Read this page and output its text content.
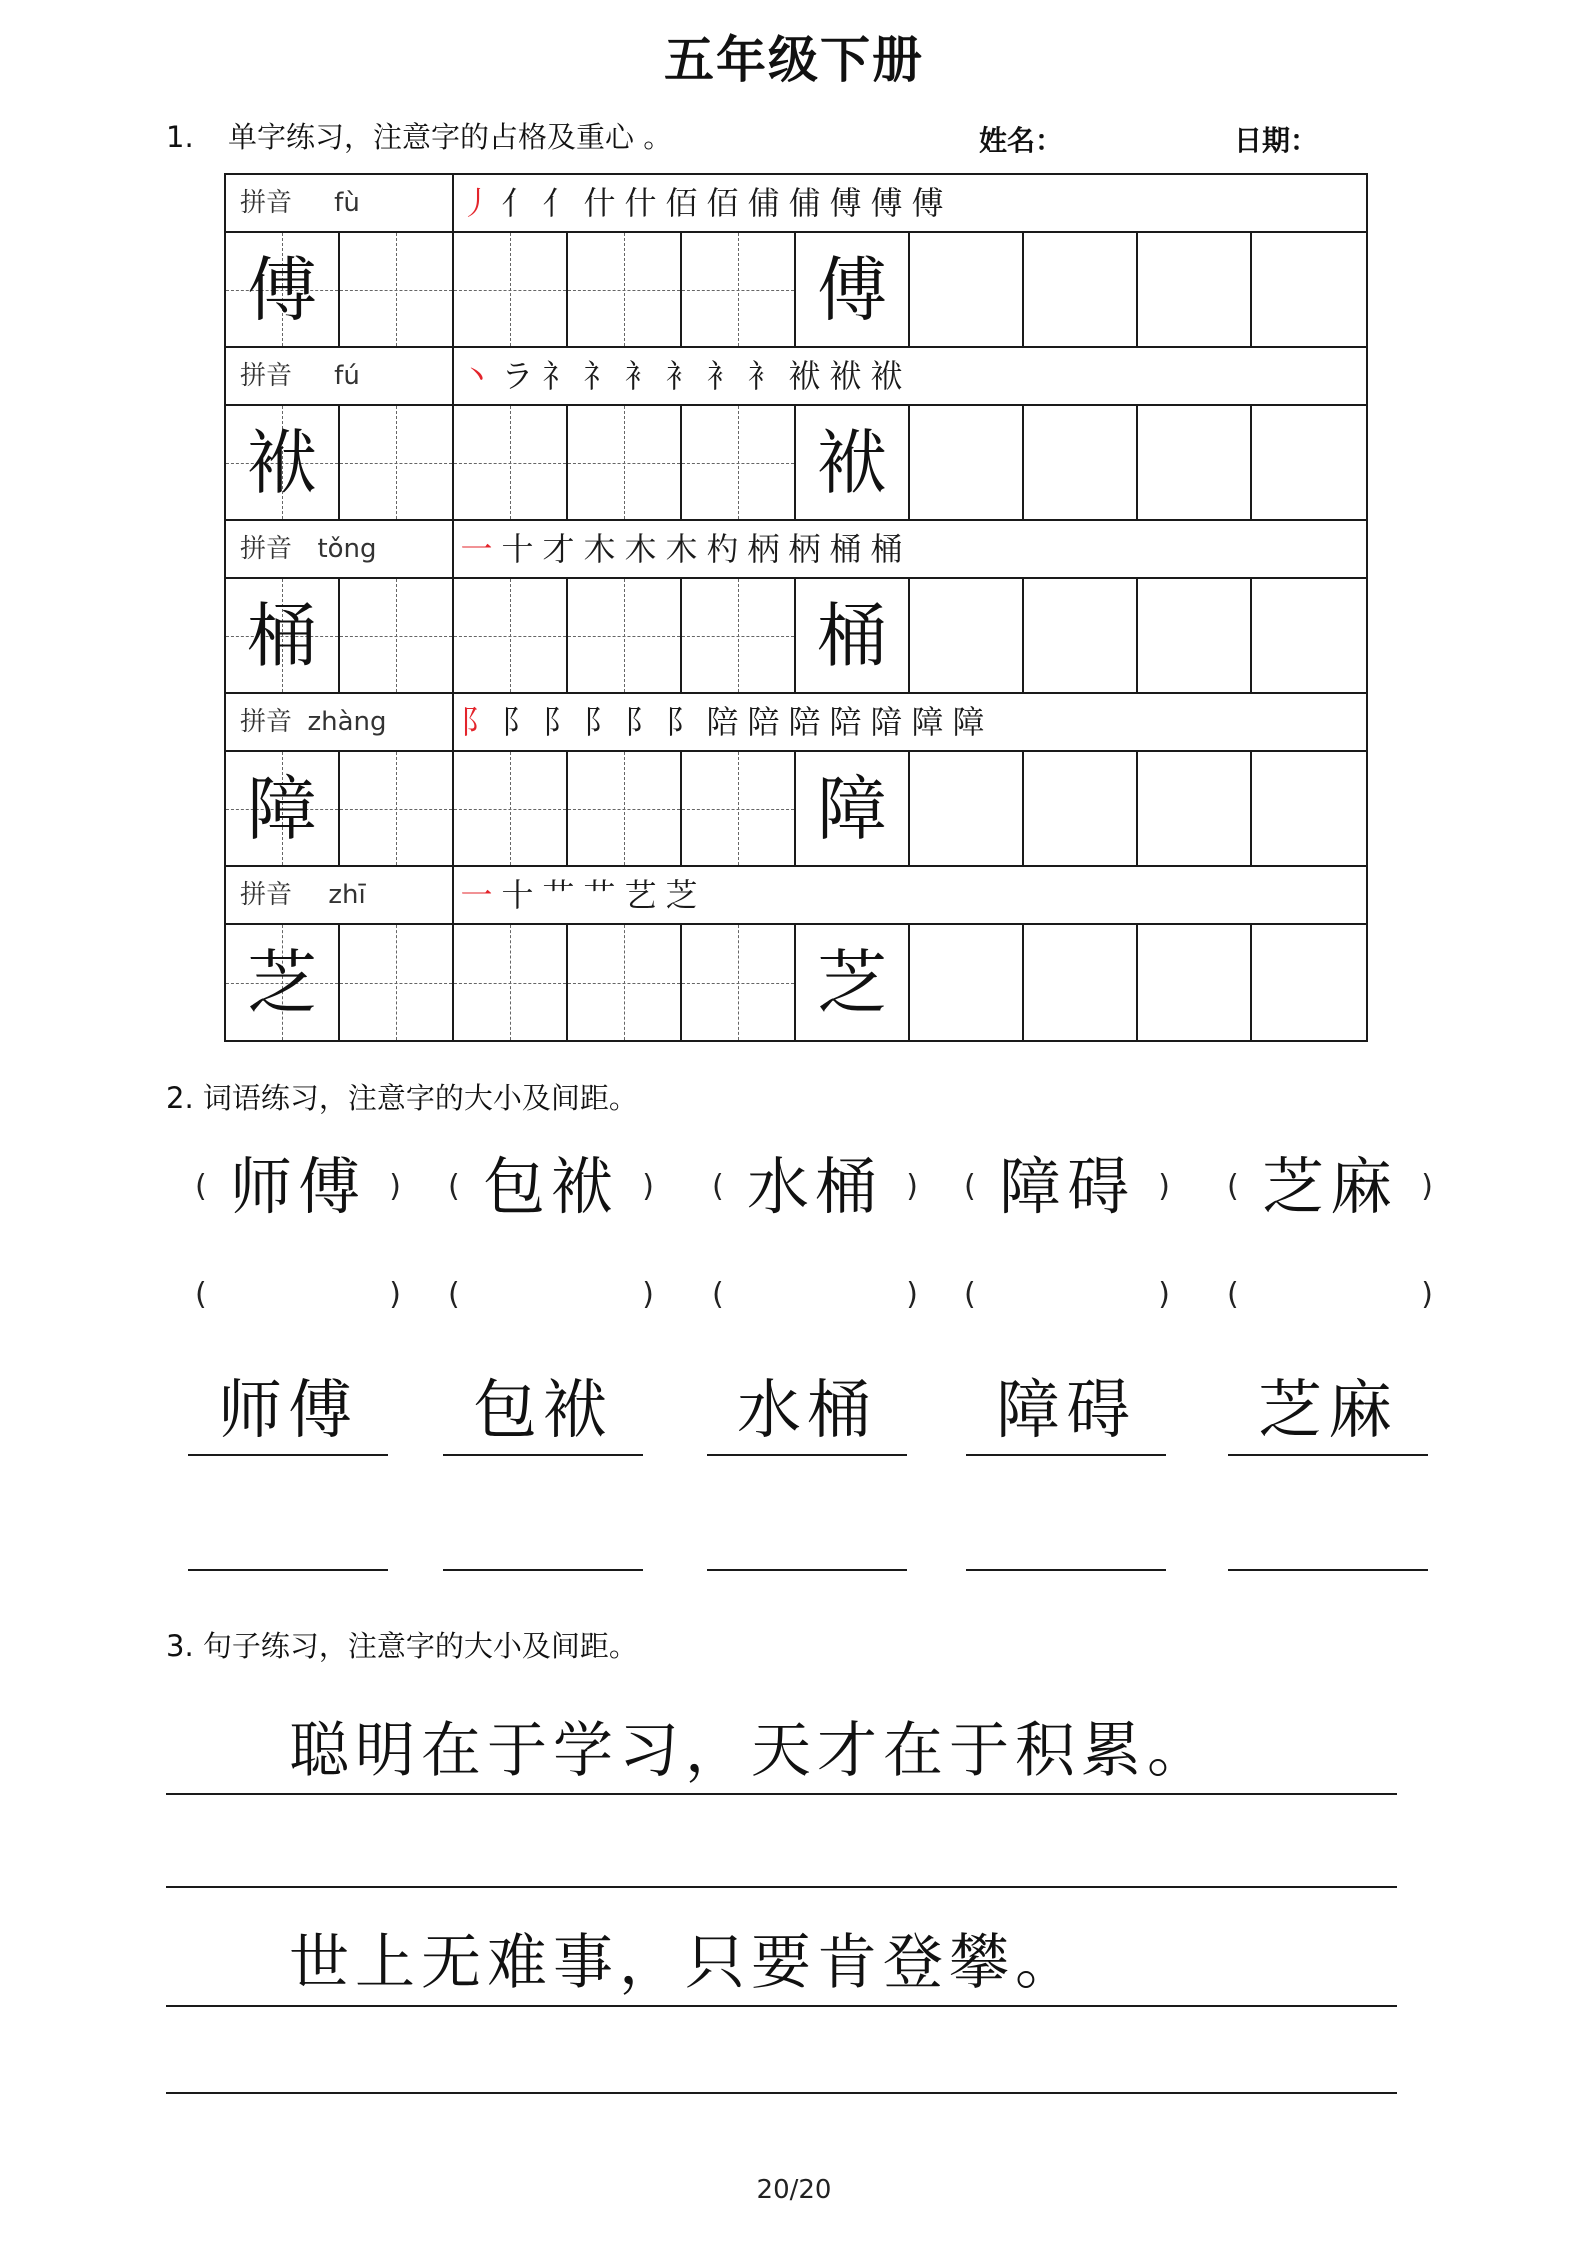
五年级下册
1. 单字练习，注意字的占格及重心 。	姓名：	日期：
拼音	fù	丿 亻 亻 什 什 佰 佰 俌 俌 傅 傅 傅
傅	傅
拼音	fú	丶 ラ 礻 礻 衤 衤 衤 衤 袱 袱 袱
袱	袱
拼音 tǒng	一 十 才 木 木 木 杓 柄 柄 桶 桶
桶	桶
拼音 zhàng	阝 阝 阝 阝 阝 阝 陪 陪 陪 陪 隌 障 障
障	障
拼音	zhī	一 十 艹 艹 艺 芝
芝	芝
2. 词语练习，注意字的大小及间距。
( 师傅 )
(	)
师傅
( 包袱 )
(	)
包袱
( 水桶 )
(	)
水桶
( 障碍 )
(	)
障碍
( 芝麻 )
(	)
芝麻
3. 句子练习，注意字的大小及间距。
聪明在于学习，天才在于积累。
世上无难事，只要肯登攀。
20/20
